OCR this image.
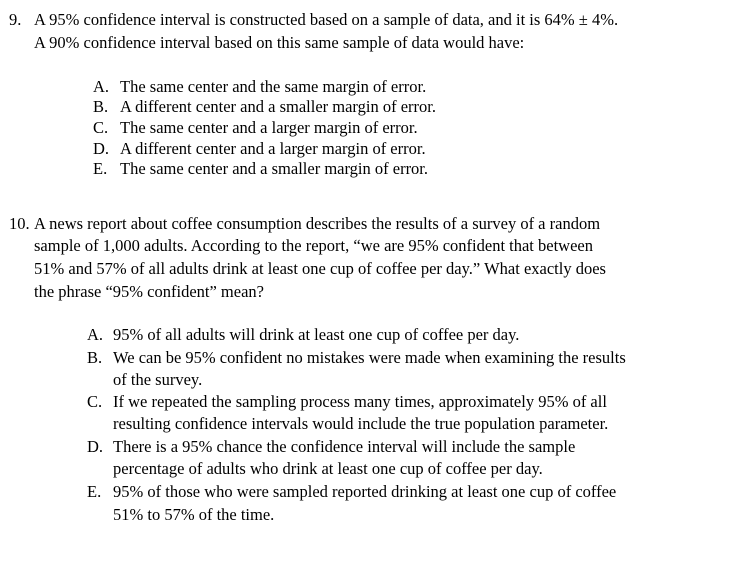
9. A 95% confidence interval is constructed based on a sample of data, and it is 64% ± 4%.
A 90% confidence interval based on this same sample of data would have:
A. The same center and the same margin of error.
B. A different center and a smaller margin of error.
C. The same center and a larger margin of error.
D. A different center and a larger margin of error.
E. The same center and a smaller margin of error.
10. A news report about coffee consumption describes the results of a survey of a random
sample of 1,000 adults. According to the report, “we are 95% confident that between
51% and 57% of all adults drink at least one cup of coffee per day.” What exactly does
the phrase “95% confident” mean?
A. 95% of all adults will drink at least one cup of coffee per day.
B. We can be 95% confident no mistakes were made when examining the results
of the survey.
C. If we repeated the sampling process many times, approximately 95% of all
resulting confidence intervals would include the true population parameter.
D. There is a 95% chance the confidence interval will include the sample
percentage of adults who drink at least one cup of coffee per day.
E. 95% of those who were sampled reported drinking at least one cup of coffee
51% to 57% of the time.
